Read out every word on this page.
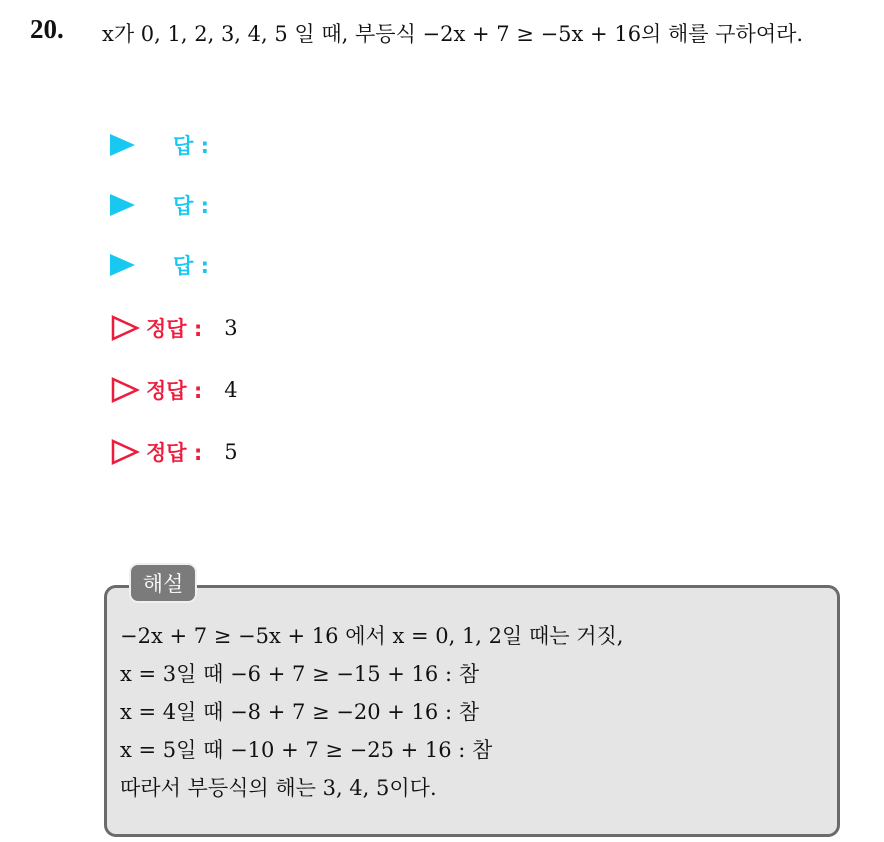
20. x가 0, 1, 2, 3, 4, 5 일 때, 부등식 −2x + 7 ≥ −5x + 16의 해를 구하여라.
답 :
답 :
답 :
정답 : 3
정답 : 4
정답 : 5
해설
−2x + 7 ≥ −5x + 16 에서 x = 0, 1, 2일 때는 거짓,
x = 3일 때 −6 + 7 ≥ −15 + 16 : 참
x = 4일 때 −8 + 7 ≥ −20 + 16 : 참
x = 5일 때 −10 + 7 ≥ −25 + 16 : 참
따라서 부등식의 해는 3, 4, 5이다.
